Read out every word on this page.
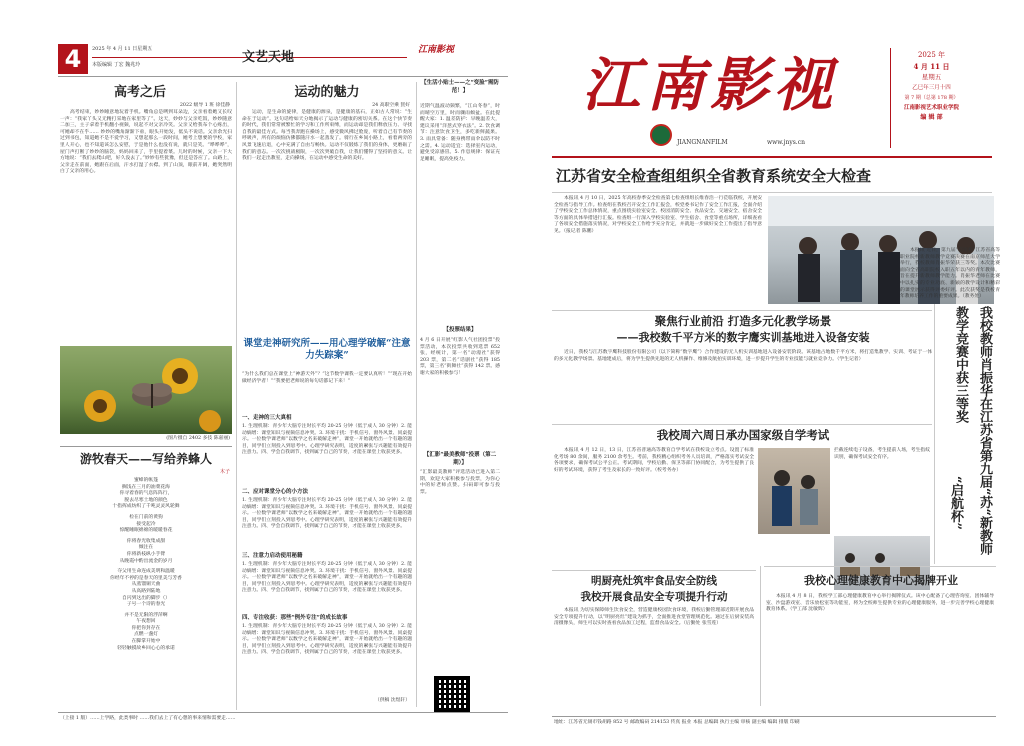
4	2025 年 4 月 11 日星期五
本版编辑 丁宏 魏兆玲	文艺天地	江南影视
高考之后
2022 级导 1 班 徐佳静
高考结束，妙妙睡意地玩着手机。嘴角总是咧到耳朵边，父亲看着她又长叹一声：“我家丫头又无精打采地在家里等了”。这天，妙妙与父亲吃饭，妙妙随意二加三，主子拿着手机翻小视频，说起不对父亲冷笑。父亲又给我布个心疼出，可她却不在乎…… 妙妙的嘴角渐渐下垂，眼头开始发，低头不说话。父亲余光扫过到书包，知道她不是不爱学习，又想起那么一段时间，她考上想要的学校，家里人开心，也不知道该怎么安慰，于是他什么也没有说，就只是笑。“哗哗哗”，屋门声打断了妙妙的脑袋，妈妈回来了，手里提着菜。儿时的时候，父亲一下大方地说：“我们去爬山吧，好久没去了。”妙妙有些犹豫，但还是答应了。山路上，父亲走在前面，她跟在后面，汗水打湿了衣襟。到了山顶，眼前开阔，她突然明白了父亲的用心。
运动的魅力
24 高职空乘 賀好
运动，是生命的旋律，是健康的源泉，是健康的基石，正如古人常说：“生命在于运动”。这句话给如天分地揭示了运动与健康的密切关系。在这个快节奏的时代，我们常常被繁忙的学习和工作所束缚，而运动却是我们释放压力、寻找自我的最佳方式。每当我奔跑在操场上，感受微风拂过脸庞，听着自己有节奏的呼吸声，所有的烦恼仿佛都随汗水一起蒸发了。骑行在乡间小路上，看着两旁的风景飞速后退，心中充满了自由与畅快。运动不仅锻炼了我们的身体，更磨砺了我们的意志。一次次挑战极限，一次次突破自我，让我们懂得了坚持的意义。让我们一起走出教室，走向操场，在运动中感受生命的美好。
(图片摄自 2402 多技 陈嘉丽)
游牧春天——写给养蜂人
木子
蜜蜂的帐篷
搁浅在三月的油菜花海
你寻着春的气息阵阵行，
脱去尽寒士地的颜色
十指挥成纺织了千吨灵灵风轮舞
检在门前的黄狗
接受起冷
惊醒睡眠绵绵的暖暖春花
你将春光收集成甜
倾注在
你将新枝纵小手臂
从晚霞中酌出流金的岁月
夺父用生命连成美明和温暖
你经年不停的是春天的里美与芳香
从蒸馏铜天曲
从高路到陆地
自闪到这出的脚步（）
子号一个诗的春光
并不是无限的浮萍啊
午夜想回
你把你封存在
点燃一盏灯
在脚掌开始中
轻轻触摸故乡回心心的承诺
课堂走神研究所——用心理学破解“注意力失踪案”
“为什么我们总在课堂上“神游天外”？“这节数学课我一定要认真听！”“现在开始做经济学者！”“我要把老师说的每句话都记下来！”
一、走神的三大真相
1. 生理机制：青少年大脑专注时长平均 20-25 分钟（低于成人 30 分钟）2. 能动熵增：课堂知识与视频信息冲突。3. 环境干扰：手机信号、窗外风景、同桌提示。一位数学课老师“以数学之名来破解走神”，课堂一开始就给出一个有趣的题目，同学们立刻投入到思考中。心理学研究表明，适度的紧张与兴趣能有效提升注意力。四、学会自我调节，找到属于自己的节奏，才能在课堂上收获更多。
二、应对课堂分心的小方法
1. 生理机制：青少年大脑专注时长平均 20-25 分钟（低于成人 30 分钟）2. 能动熵增：课堂知识与视频信息冲突。3. 环境干扰：手机信号、窗外风景、同桌提示。一位数学课老师“以数学之名来破解走神”，课堂一开始就给出一个有趣的题目，同学们立刻投入到思考中。心理学研究表明，适度的紧张与兴趣能有效提升注意力。四、学会自我调节，找到属于自己的节奏，才能在课堂上收获更多。
三、注意力启动使用秘籍
1. 生理机制：青少年大脑专注时长平均 20-25 分钟（低于成人 30 分钟）2. 能动熵增：课堂知识与视频信息冲突。3. 环境干扰：手机信号、窗外风景、同桌提示。一位数学课老师“以数学之名来破解走神”，课堂一开始就给出一个有趣的题目，同学们立刻投入到思考中。心理学研究表明，适度的紧张与兴趣能有效提升注意力。四、学会自我调节，找到属于自己的节奏，才能在课堂上收获更多。
四、专注收获：那些“例外专注”的成长故事
1. 生理机制：青少年大脑专注时长平均 20-25 分钟（低于成人 30 分钟）2. 能动熵增：课堂知识与视频信息冲突。3. 环境干扰：手机信号、窗外风景、同桌提示。一位数学课老师“以数学之名来破解走神”，课堂一开始就给出一个有趣的题目，同学们立刻投入到思考中。心理学研究表明，适度的紧张与兴趣能有效提升注意力。四、学会自我调节，找到属于自己的节奏，才能在课堂上收获更多。
（供稿 沈煜轩）
【生活小贴士——之“变脸”需防范！】
近期气温波动频繁，“江山冬春”，时而晴空万里，时而骤雨倾盆。在此提醒大家：1. 温差防护：早晚温差大，建议采用“洋葱式穿衣法”。2. 饮食调节：注意饮食卫生，多吃新鲜蔬果。3. 雨具常备：随身携带雨伞以防不时之需。4. 运动适宜：选择室内运动，避免受凉感冒。5. 作息规律：保证充足睡眠，提高免疫力。
【投票结果】
4 月 6 日开展“红影人气社团投票”投票活动，本次投票共收到选票 652 张，经统计，第一名“动漫社”获得 203 票，第二名“话剧社”获得 185 票，第三名“街舞社”获得 142 票。感谢大家的积极参与！
【汇影“最美教师”投票（第二期）】
“汇影最美教师”评选活动已进入第二期，欢迎大家积极参与投票，为你心中的好老师点赞。扫码即可参与投票。
（上接 1 版）……上学路，此类事时 ……我们去上了有心想的事来情和需要走……
江南影视
JIANGNANFILM	www.jnys.cn
2025 年
4 月 11 日
星期五
乙巳年三月十四
第 7 期（总第 178 期）
江南影视艺术职业学院
编 辑 部
江苏省安全检查组组织全省教育系统安全大检查
本报讯 4 月 10 日，2025 年高校春季安全检查第七检查组组长维春浩一行莅临我校，开展安全检查与指导工作。检查组在我校召开安全工作汇报会，校党委书记作了安全工作汇报，全面介绍了学校安全工作总体情况，重点围绕实验室安全、校园消防安全、食品安全、交通安全、宿舍安全等方面的具体举措进行汇报。检查组一行深入学校实验室、学生宿舍、食堂等重点场所，详细查看了各项安全措施落实情况，对学校安全工作给予充分肯定，并就进一步做好安全工作提出了指导意见。（报记者 陈鹏）
聚焦行业前沿 打造多元化教学场景
——我校数千平方米的数字鹰实训基地进入设备安装
近日，我校与江苏数字鹰科技股份有限公司（以下简称“数字鹰”）合作建设的无人机实训基地进入设备安装阶段。该基地占地数千平方米，将打造集教学、实训、考证于一体的多元化教学场景。基地建成后，将为学生提供先进的无人机操作、维修及航拍实训环境，进一步提升学生的专业技能与就业竞争力。（学生记者）
我校周六周日承办国家级自学考试
本报讯 4 月 12 日，13 日，江苏省普通高等教育自学考试在我校设立考点。设置了标准化考场 80 余间，服务 2100 余考生。考前，我校精心组织考务人员培训，严格落实考试安全各项要求，确保考试公平公正。考试期间，学校后勤、保卫等部门协同配合，为考生提供了良好的考试环境，获得了考生及家长的一致好评。（校考务办）
拦截连续电子设备，考生提前人场，考生指纹识别，确保考试安全有序。	我校教师肖振华在江苏省第九届“苏“新教师教学竞赛中获三等奖
“启航杯”
明厨亮灶筑牢食品安全防线
我校开展食品安全专项提升行动
本报讯 为切实保障师生饮食安全，营造健康校园饮食环境，我校后勤管理部近期开展食品安全专项提升行动，以“明厨亮灶”建设为抓手，全面推进食堂管理规范化。通过在后厨安装高清摄像头，师生可以实时查看食品加工过程，监督食品安全。（后勤处 张雪莲）
我校心理健康教育中心揭牌开业
本报讯 4 月 8 日，我校学工部心理健康教育中心举行揭牌仪式。该中心配备了心理咨询室、团体辅导室、沙盘游戏室、音乐放松室等功能室，将为全校师生提供专业的心理健康服务，进一步完善学校心理健康教育体系。（学工部 沈敏辉）
地址：江苏省无锡市钱胡路 852 号 邮政编码 214153 传真 报业 本报 总编辑 执行主编 审核 副主编 编辑 排版 印刷
本报讯 近日，第九届“启航杯”江苏省高等职业院校新教师教学竞赛决赛在南京师范大学举行，我校教师肖振华荣获三等奖。本次比赛面向全省高职院校入职五年以内的青年教师，旨在提升新教师教学能力。肖振华老师在比赛中以扎实的专业功底、新颖的教学设计和精彩的课堂展示获得评委好评。此次获奖是我校青年教师培养工作的重要成果。（教务处）
